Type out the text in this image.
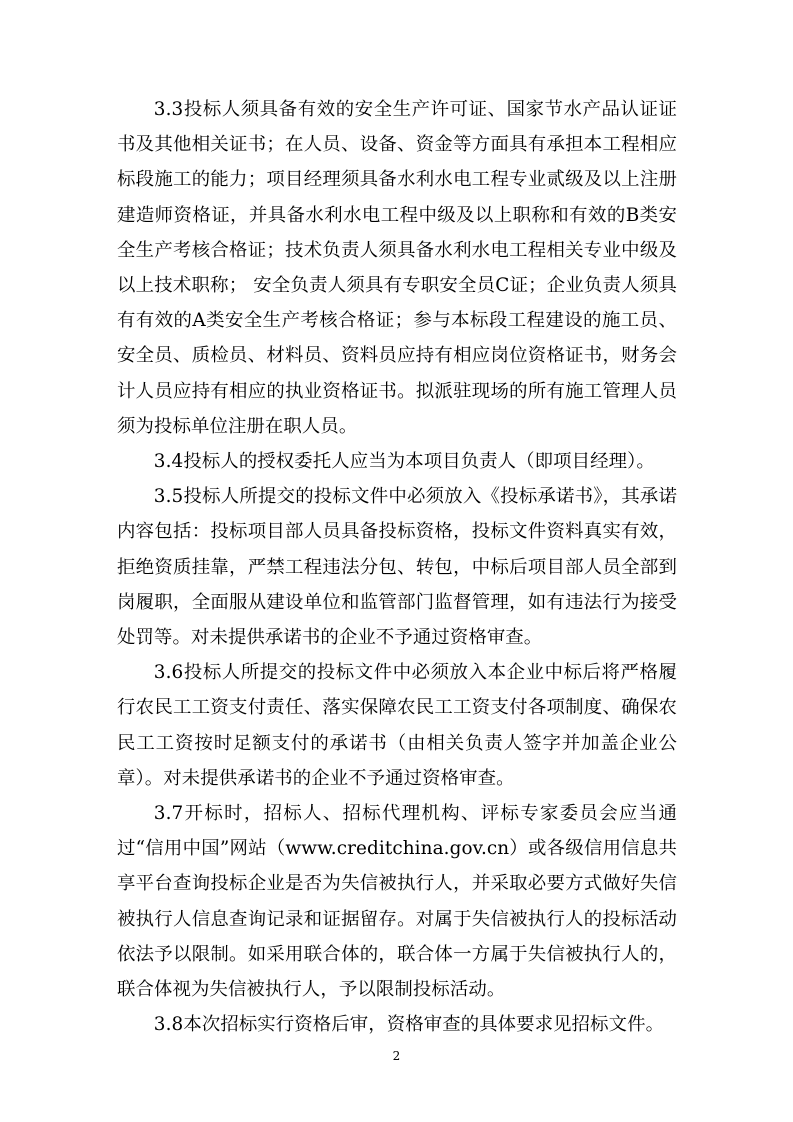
3.3投标人须具备有效的安全生产许可证、国家节水产品认证证书及其他相关证书；在人员、设备、资金等方面具有承担本工程相应标段施工的能力；项目经理须具备水利水电工程专业贰级及以上注册建造师资格证，并具备水利水电工程中级及以上职称和有效的B类安全生产考核合格证；技术负责人须具备水利水电工程相关专业中级及以上技术职称； 安全负责人须具有专职安全员C证；企业负责人须具有有效的A类安全生产考核合格证；参与本标段工程建设的施工员、安全员、质检员、材料员、资料员应持有相应岗位资格证书，财务会计人员应持有相应的执业资格证书。拟派驻现场的所有施工管理人员须为投标单位注册在职人员。

3.4投标人的授权委托人应当为本项目负责人（即项目经理）。

3.5投标人所提交的投标文件中必须放入《投标承诺书》，其承诺内容包括：投标项目部人员具备投标资格，投标文件资料真实有效，拒绝资质挂靠，严禁工程违法分包、转包，中标后项目部人员全部到岗履职，全面服从建设单位和监管部门监督管理，如有违法行为接受处罚等。对未提供承诺书的企业不予通过资格审查。

3.6投标人所提交的投标文件中必须放入本企业中标后将严格履行农民工工资支付责任、落实保障农民工工资支付各项制度、确保农民工工资按时足额支付的承诺书（由相关负责人签字并加盖企业公章）。对未提供承诺书的企业不予通过资格审查。

3.7开标时，招标人、招标代理机构、评标专家委员会应当通过“信用中国”网站（www.creditchina.gov.cn）或各级信用信息共享平台查询投标企业是否为失信被执行人，并采取必要方式做好失信被执行人信息查询记录和证据留存。对属于失信被执行人的投标活动依法予以限制。如采用联合体的，联合体一方属于失信被执行人的，联合体视为失信被执行人，予以限制投标活动。

3.8本次招标实行资格后审，资格审查的具体要求见招标文件。

2
